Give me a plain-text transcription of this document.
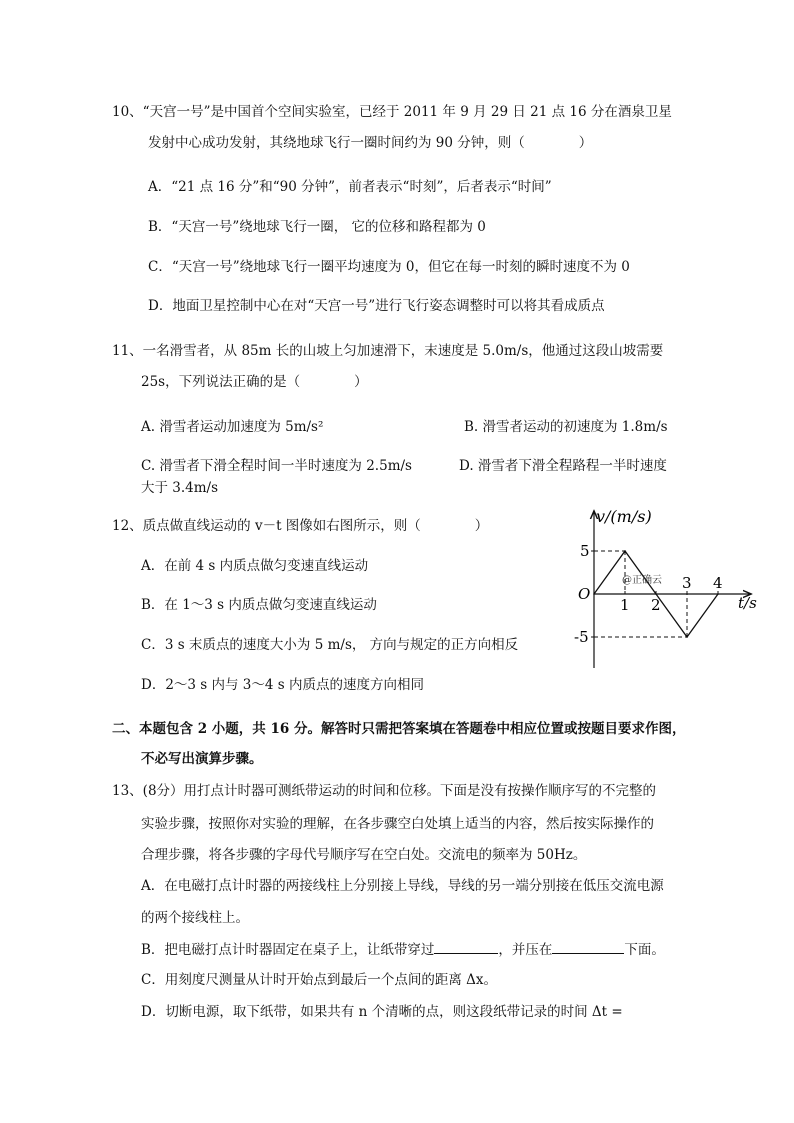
10、“天宫一号”是中国首个空间实验室，已经于 2011 年 9 月 29 日 21 点 16 分在酒泉卫星
发射中心成功发射，其绕地球飞行一圈时间约为 90 分钟，则（　　　　）
A．“21 点 16 分”和“90 分钟”，前者表示“时刻”，后者表示“时间”
B．“天宫一号”绕地球飞行一圈， 它的位移和路程都为 0
C．“天宫一号”绕地球飞行一圈平均速度为 0，但它在每一时刻的瞬时速度不为 0
D．地面卫星控制中心在对“天宫一号”进行飞行姿态调整时可以将其看成质点
11、一名滑雪者，从 85m 长的山坡上匀加速滑下，末速度是 5.0m/s，他通过这段山坡需要
25s，下列说法正确的是（　　　　）
A. 滑雪者运动加速度为 5m/s²	B. 滑雪者运动的初速度为 1.8m/s
C. 滑雪者下滑全程时间一半时速度为 2.5m/s	D. 滑雪者下滑全程路程一半时速度
大于 3.4m/s
12、质点做直线运动的 v－t 图像如右图所示，则（　　　　）
A．在前 4 s 内质点做匀变速直线运动
B．在 1～3 s 内质点做匀变速直线运动
C．3 s 末质点的速度大小为 5 m/s， 方向与规定的正方向相反
D．2～3 s 内与 3～4 s 内质点的速度方向相同
v/(m/s)
t/s
O
@正确云
5
-5
1 2
3 4
二、本题包含 2 小题，共 16 分。解答时只需把答案填在答题卷中相应位置或按题目要求作图，
不必写出演算步骤。
13、(8分）用打点计时器可测纸带运动的时间和位移。下面是没有按操作顺序写的不完整的
实验步骤，按照你对实验的理解，在各步骤空白处填上适当的内容，然后按实际操作的
合理步骤，将各步骤的字母代号顺序写在空白处。交流电的频率为 50Hz。
A．在电磁打点计时器的两接线柱上分别接上导线，导线的另一端分别接在低压交流电源
的两个接线柱上。
B．把电磁打点计时器固定在桌子上，让纸带穿过	，并压在	下面。
C．用刻度尺测量从计时开始点到最后一个点间的距离 Δx。
D．切断电源，取下纸带，如果共有 n 个清晰的点，则这段纸带记录的时间 Δt =
